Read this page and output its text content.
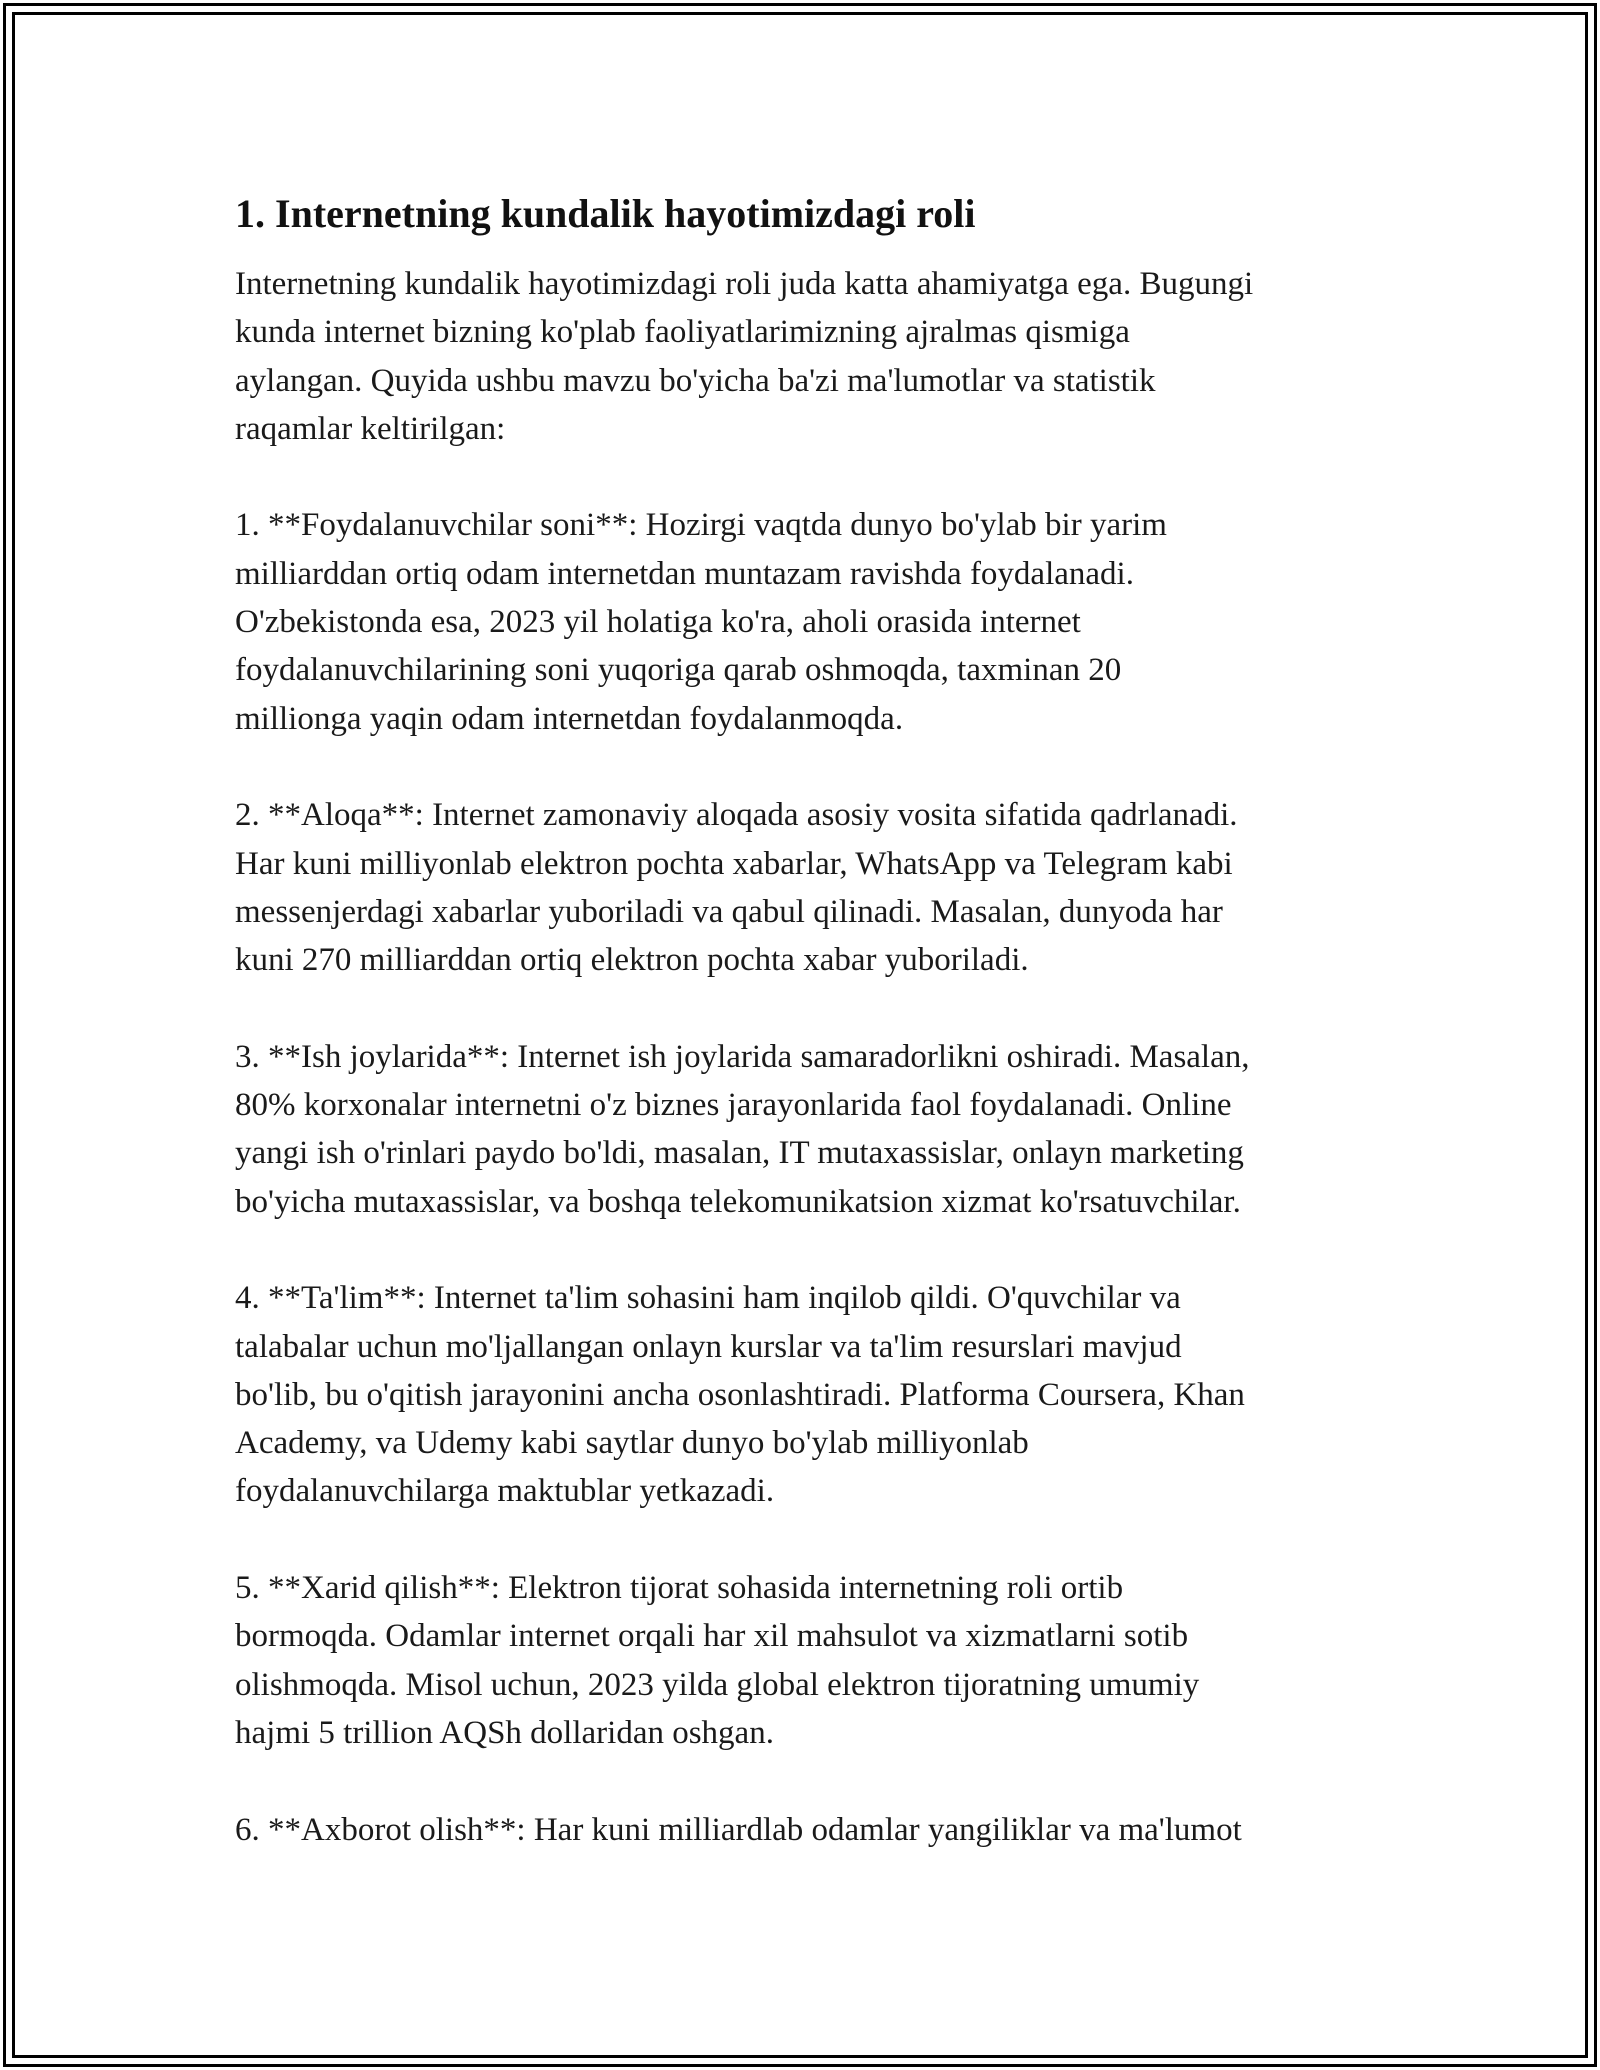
1. Internetning kundalik hayotimizdagi roli

Internetning kundalik hayotimizdagi roli juda katta ahamiyatga ega. Bugungi
kunda internet bizning ko'plab faoliyatlarimizning ajralmas qismiga
aylangan. Quyida ushbu mavzu bo'yicha ba'zi ma'lumotlar va statistik
raqamlar keltirilgan:

1. **Foydalanuvchilar soni**: Hozirgi vaqtda dunyo bo'ylab bir yarim
milliarddan ortiq odam internetdan muntazam ravishda foydalanadi.
O'zbekistonda esa, 2023 yil holatiga ko'ra, aholi orasida internet
foydalanuvchilarining soni yuqoriga qarab oshmoqda, taxminan 20
millionga yaqin odam internetdan foydalanmoqda.

2. **Aloqa**: Internet zamonaviy aloqada asosiy vosita sifatida qadrlanadi.
Har kuni milliyonlab elektron pochta xabarlar, WhatsApp va Telegram kabi
messenjerdagi xabarlar yuboriladi va qabul qilinadi. Masalan, dunyoda har
kuni 270 milliarddan ortiq elektron pochta xabar yuboriladi.

3. **Ish joylarida**: Internet ish joylarida samaradorlikni oshiradi. Masalan,
80% korxonalar internetni o'z biznes jarayonlarida faol foydalanadi. Online
yangi ish o'rinlari paydo bo'ldi, masalan, IT mutaxassislar, onlayn marketing
bo'yicha mutaxassislar, va boshqa telekomunikatsion xizmat ko'rsatuvchilar.

4. **Ta'lim**: Internet ta'lim sohasini ham inqilob qildi. O'quvchilar va
talabalar uchun mo'ljallangan onlayn kurslar va ta'lim resurslari mavjud
bo'lib, bu o'qitish jarayonini ancha osonlashtiradi. Platforma Coursera, Khan
Academy, va Udemy kabi saytlar dunyo bo'ylab milliyonlab
foydalanuvchilarga maktublar yetkazadi.

5. **Xarid qilish**: Elektron tijorat sohasida internetning roli ortib
bormoqda. Odamlar internet orqali har xil mahsulot va xizmatlarni sotib
olishmoqda. Misol uchun, 2023 yilda global elektron tijoratning umumiy
hajmi 5 trillion AQSh dollaridan oshgan.

6. **Axborot olish**: Har kuni milliardlab odamlar yangiliklar va ma'lumot
